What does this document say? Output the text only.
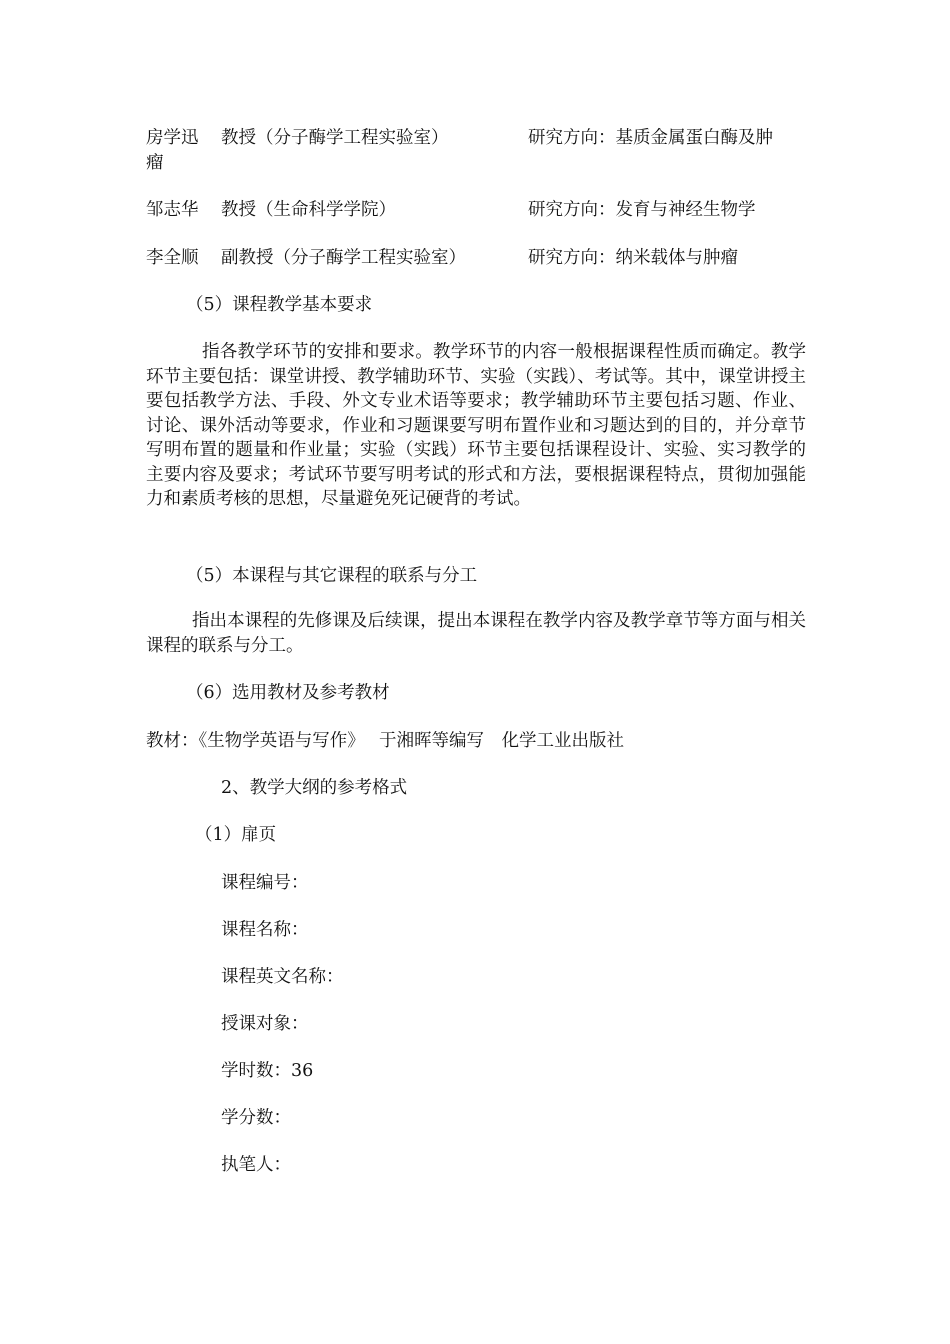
房学迅 教授（分子酶学工程实验室）	研究方向：基质金属蛋白酶及肿
瘤
邹志华 教授（生命科学学院）	研究方向：发育与神经生物学
李全顺 副教授（分子酶学工程实验室）	研究方向：纳米载体与肿瘤
（5）课程教学基本要求
指各教学环节的安排和要求。教学环节的内容一般根据课程性质而确定。教学环节主要包括：课堂讲授、教学辅助环节、实验（实践）、考试等。其中，课堂讲授主要包括教学方法、手段、外文专业术语等要求；教学辅助环节主要包括习题、作业、讨论、课外活动等要求，作业和习题课要写明布置作业和习题达到的目的，并分章节写明布置的题量和作业量；实验（实践）环节主要包括课程设计、实验、实习教学的主要内容及要求；考试环节要写明考试的形式和方法，要根据课程特点，贯彻加强能力和素质考核的思想，尽量避免死记硬背的考试。
（5）本课程与其它课程的联系与分工
指出本课程的先修课及后续课，提出本课程在教学内容及教学章节等方面与相关课程的联系与分工。
（6）选用教材及参考教材
教材：《生物学英语与写作》　 于湘晖等编写　化学工业出版社
2、教学大纲的参考格式
（1）扉页
课程编号：
课程名称：
课程英文名称：
授课对象：
学时数：36
学分数：
执笔人：
